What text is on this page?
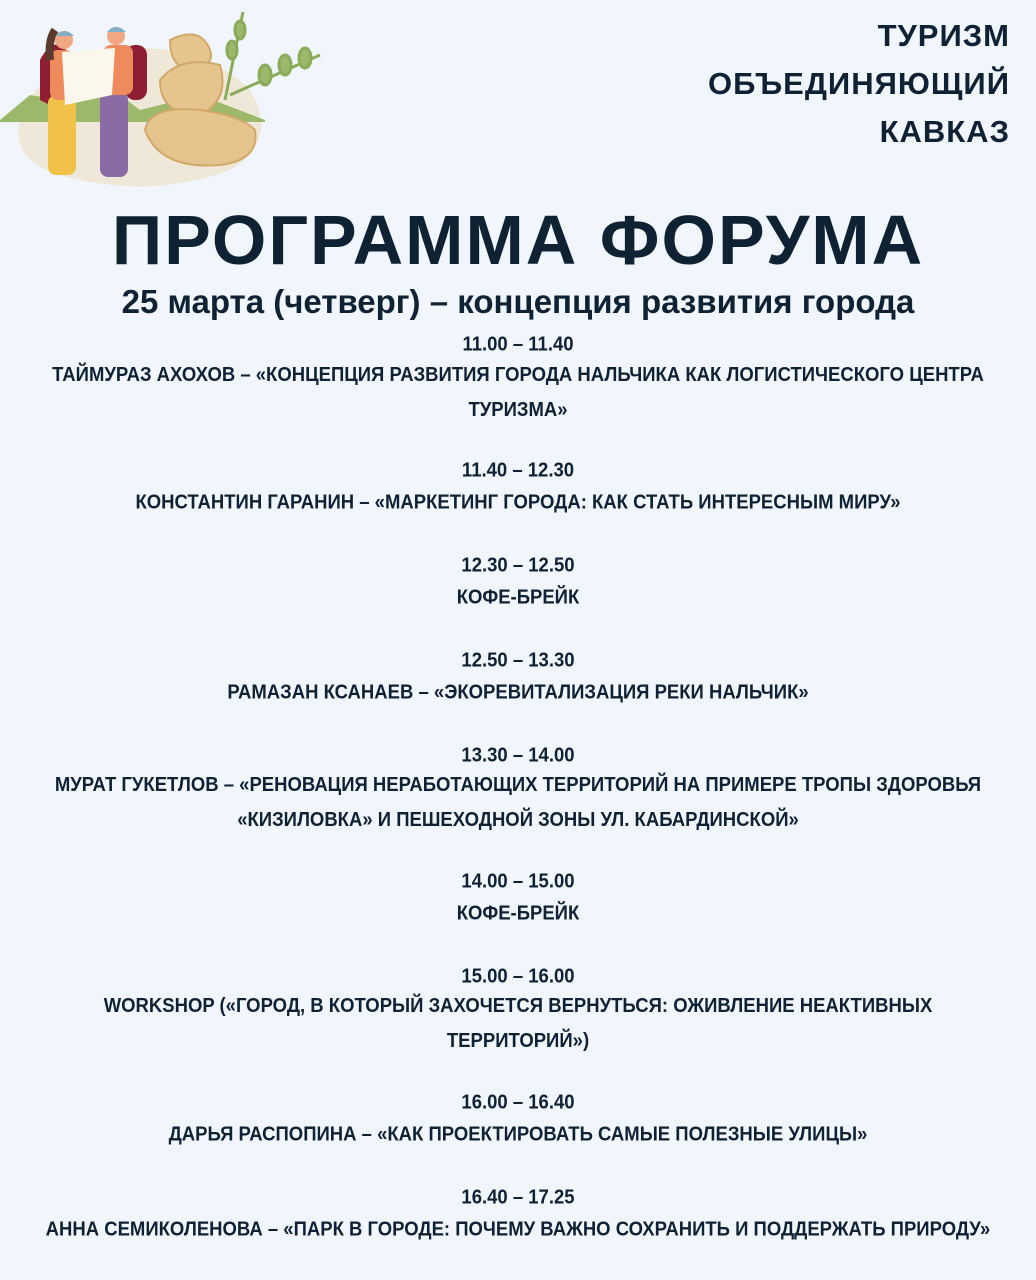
ТУРИЗМ
ОБЪЕДИНЯЮЩИЙ
КАВКАЗ
ПРОГРАММА ФОРУМА
25 марта (четверг) – концепция развития города
11.00 – 11.40
ТАЙМУРАЗ АХОХОВ – «КОНЦЕПЦИЯ РАЗВИТИЯ ГОРОДА НАЛЬЧИКА КАК ЛОГИСТИЧЕСКОГО ЦЕНТРА ТУРИЗМА»
11.40 – 12.30
КОНСТАНТИН ГАРАНИН – «МАРКЕТИНГ ГОРОДА: КАК СТАТЬ ИНТЕРЕСНЫМ МИРУ»
12.30 – 12.50
КОФЕ-БРЕЙК
12.50 – 13.30
РАМАЗАН КСАНАЕВ – «ЭКОРЕВИТАЛИЗАЦИЯ РЕКИ НАЛЬЧИК»
13.30 – 14.00
МУРАТ ГУКЕТЛОВ – «РЕНОВАЦИЯ НЕРАБОТАЮЩИХ ТЕРРИТОРИЙ НА ПРИМЕРЕ ТРОПЫ ЗДОРОВЬЯ «КИЗИЛОВКА» И ПЕШЕХОДНОЙ ЗОНЫ УЛ. КАБАРДИНСКОЙ»
14.00 – 15.00
КОФЕ-БРЕЙК
15.00 – 16.00
WORKSHOP («ГОРОД, В КОТОРЫЙ ЗАХОЧЕТСЯ ВЕРНУТЬСЯ: ОЖИВЛЕНИЕ НЕАКТИВНЫХ ТЕРРИТОРИЙ»)
16.00 – 16.40
ДАРЬЯ РАСПОПИНА – «КАК ПРОЕКТИРОВАТЬ САМЫЕ ПОЛЕЗНЫЕ УЛИЦЫ»
16.40 – 17.25
АННА СЕМИКОЛЕНОВА – «ПАРК В ГОРОДЕ: ПОЧЕМУ ВАЖНО СОХРАНИТЬ И ПОДДЕРЖАТЬ ПРИРОДУ»
